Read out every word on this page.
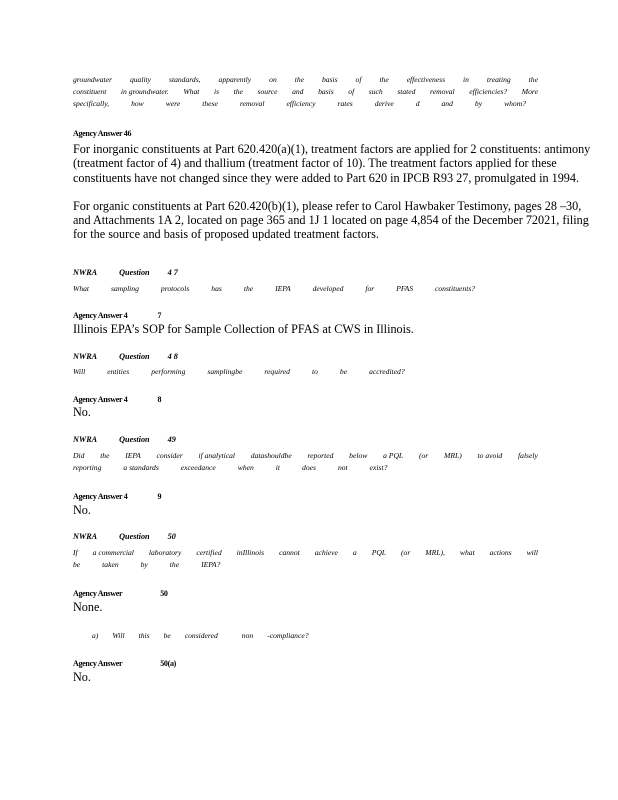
groundwater quality standards, apparently on the basis of the effectiveness in treating the
constituent in groundwater. What is the source and basis of such stated removal efficiencies? More
specifically,	how	were	these	removal	efficiency	rates	derive	d	and	by	whom?
Agency Answer 46

For inorganic constituents at Part 620.420(a)(1), treatment factors are applied for 2 constituents: antimony (treatment factor of 4) and thallium (treatment factor of 10). The treatment factors applied for these constituents have not changed since they were added to Part 620 in IPCB R93 27, promulgated in 1994.

For organic constituents at Part 620.420(b)(1), please refer to Carol Hawbaker Testimony, pages 28 –30, and Attachments 1A 2, located on page 365 and 1J 1 located on page 4,854 of the December 72021, filing for the source and basis of proposed updated treatment factors.

NWRA	Question 4 7
What	sampling	protocols	has	the	IEPA	developed	for	PFAS	constituents?
Agency Answer 4	7
Illinois EPA’s SOP for Sample Collection of PFAS at CWS in Illinois.
NWRA	Question 4 8
Will	entities	performing	samplingbe	required	to	be	accredited?
Agency Answer 4	8
No.
NWRA	Question 49
Did the IEPA consider if analytical datashouldbe reported below a PQL (or MRL) to avoid falsely
reporting	a standards	exceedance	when	it	does	not	exist?
Agency Answer 4	9
No.
NWRA	Question 50
If a commercial laboratory certified inIllinois cannot achieve a PQL (or MRL), what actions will
be	taken	by	the	IEPA?
Agency Answer	50
None.
a) Will this be considered	non -compliance?
Agency Answer	50(a)
No.
